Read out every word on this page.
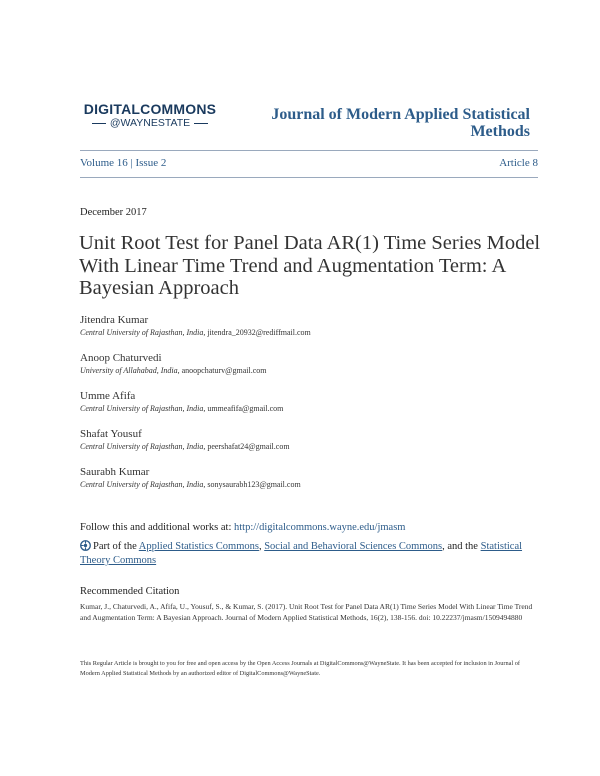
DIGITALCOMMONS
@WAYNESTATE	Journal of Modern Applied Statistical Methods
Volume 16 | Issue 2	Article 8
December 2017
Unit Root Test for Panel Data AR(1) Time Series Model With Linear Time Trend and Augmentation Term: A Bayesian Approach
Jitendra Kumar
Central University of Rajasthan, India, jitendra_20932@rediffmail.com
Anoop Chaturvedi
University of Allahabad, India, anoopchaturv@gmail.com
Umme Afifa
Central University of Rajasthan, India, ummeafifa@gmail.com
Shafat Yousuf
Central University of Rajasthan, India, peershafat24@gmail.com
Saurabh Kumar
Central University of Rajasthan, India, sonysaurabh123@gmail.com
Follow this and additional works at: http://digitalcommons.wayne.edu/jmasm
Part of the Applied Statistics Commons, Social and Behavioral Sciences Commons, and the Statistical Theory Commons
Recommended Citation
Kumar, J., Chaturvedi, A., Afifa, U., Yousuf, S., & Kumar, S. (2017). Unit Root Test for Panel Data AR(1) Time Series Model With Linear Time Trend and Augmentation Term: A Bayesian Approach. Journal of Modern Applied Statistical Methods, 16(2), 138-156. doi: 10.22237/jmasm/1509494880
This Regular Article is brought to you for free and open access by the Open Access Journals at DigitalCommons@WayneState. It has been accepted for inclusion in Journal of Modern Applied Statistical Methods by an authorized editor of DigitalCommons@WayneState.
